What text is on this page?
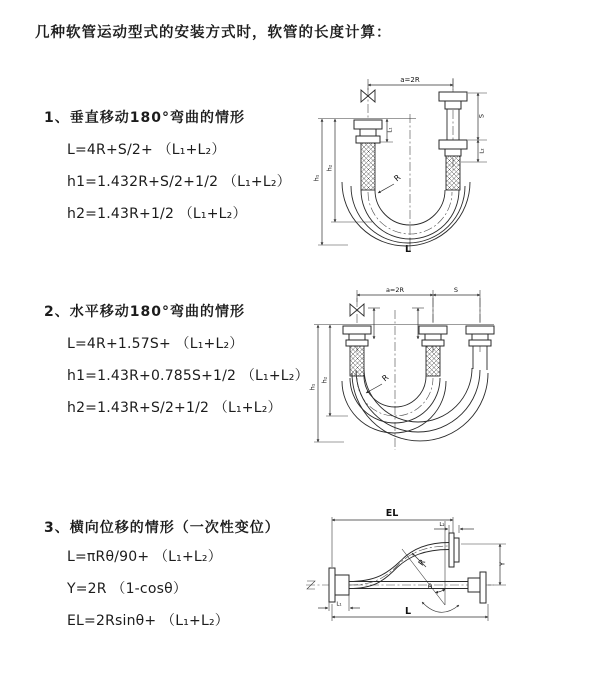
几种软管运动型式的安装方式时，软管的长度计算：
1、垂直移动180°弯曲的情形
L=4R+S/2+ （L₁+L₂）
h1=1.432R+S/2+1/2 （L₁+L₂）
h2=1.43R+1/2 （L₁+L₂）
a=2R
S
L₂
L₁
h₁
h₂
R
L
2、水平移动180°弯曲的情形
L=4R+1.57S+ （L₁+L₂）
h1=1.43R+0.785S+1/2 （L₁+L₂）
h2=1.43R+S/2+1/2 （L₁+L₂）
a=2R	S
h₁
h₂	R
3、横向位移的情形（一次性变位）
L=πRθ/90+ （L₁+L₂）
Y=2R （1-cosθ）
EL=2Rsinθ+ （L₁+L₂）
EL
L₂
Y
L
L₁
R
θ
